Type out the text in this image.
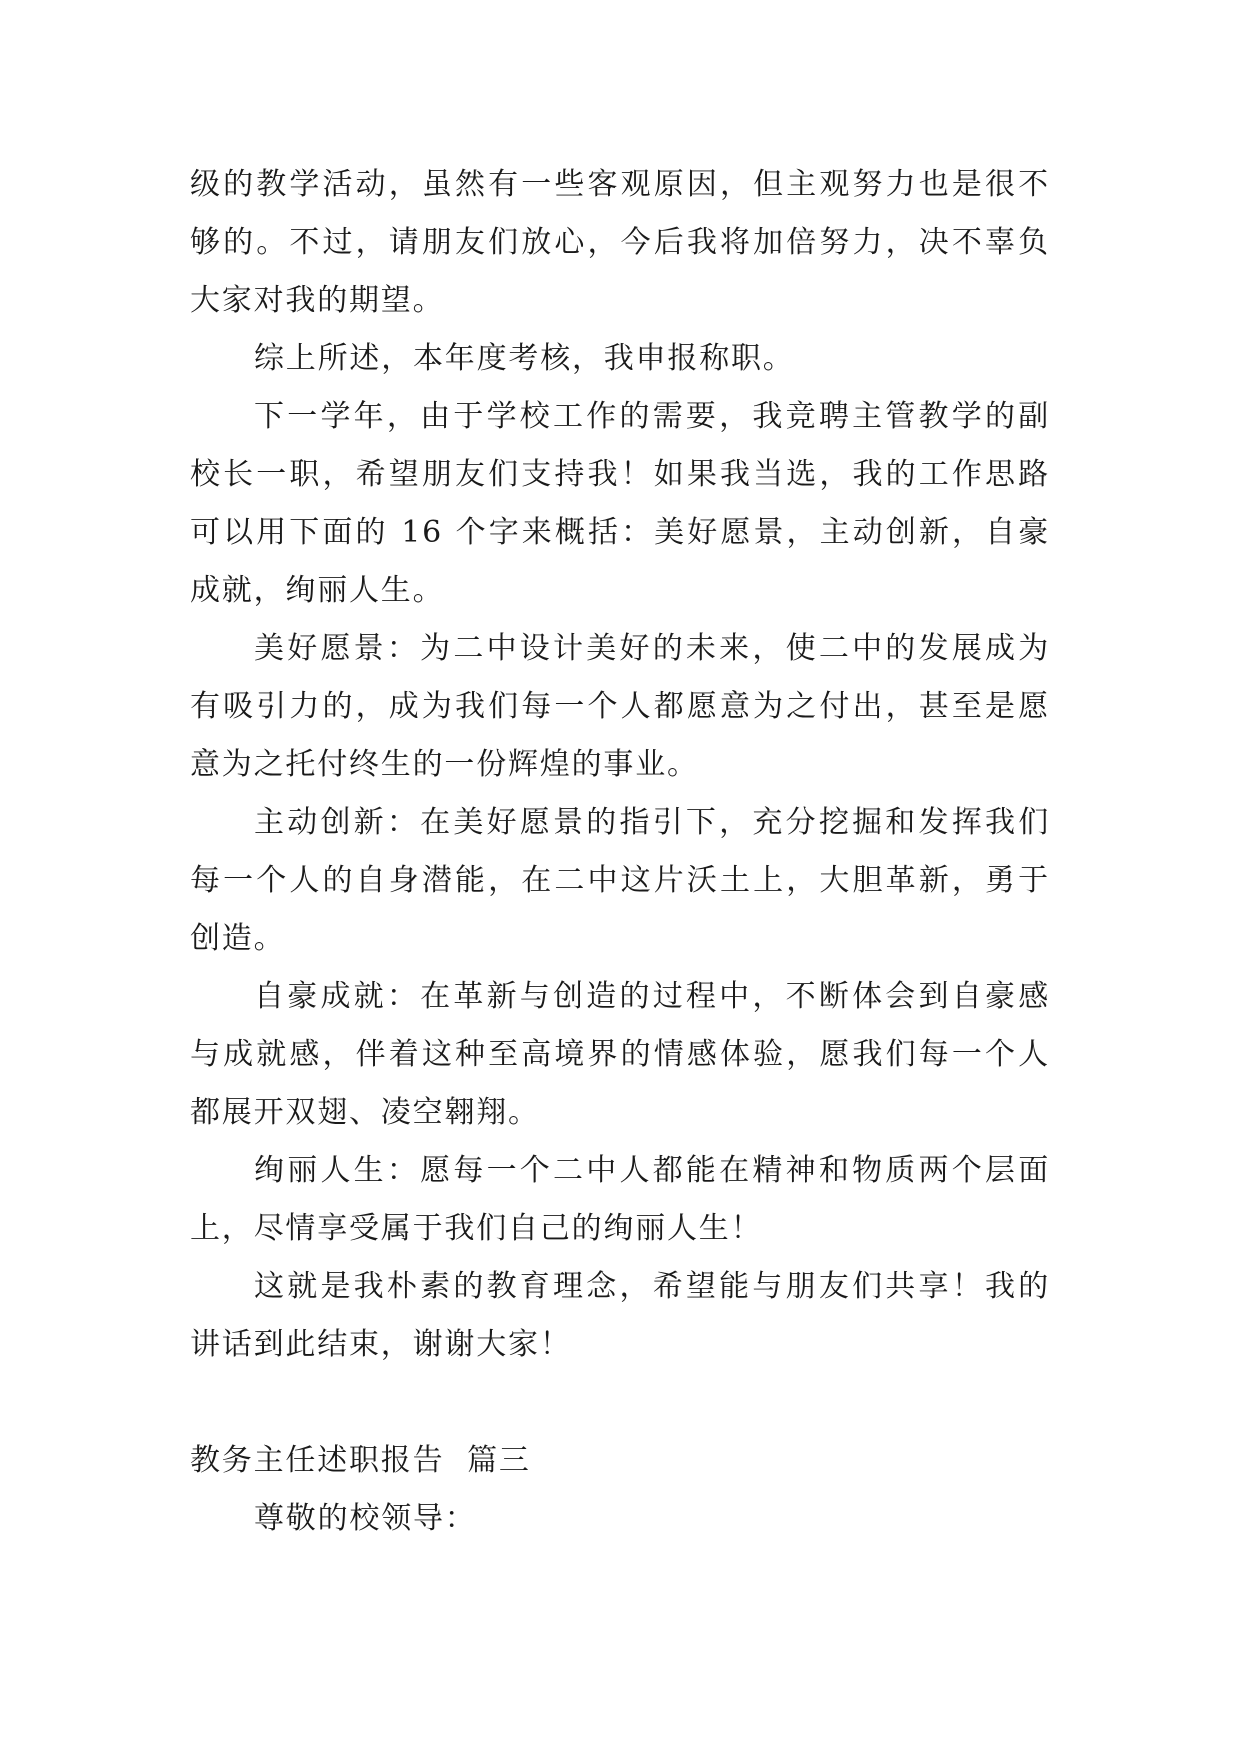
级的教学活动，虽然有一些客观原因，但主观努力也是很不
够的。不过，请朋友们放心，今后我将加倍努力，决不辜负
大家对我的期望。
综上所述，本年度考核，我申报称职。
下一学年，由于学校工作的需要，我竞聘主管教学的副
校长一职，希望朋友们支持我！如果我当选，我的工作思路
可以用下面的 16 个字来概括：美好愿景，主动创新，自豪
成就，绚丽人生。
美好愿景：为二中设计美好的未来，使二中的发展成为
有吸引力的，成为我们每一个人都愿意为之付出，甚至是愿
意为之托付终生的一份辉煌的事业。
主动创新：在美好愿景的指引下，充分挖掘和发挥我们
每一个人的自身潜能，在二中这片沃土上，大胆革新，勇于
创造。
自豪成就：在革新与创造的过程中，不断体会到自豪感
与成就感，伴着这种至高境界的情感体验，愿我们每一个人
都展开双翅、凌空翱翔。
绚丽人生：愿每一个二中人都能在精神和物质两个层面
上，尽情享受属于我们自己的绚丽人生！
这就是我朴素的教育理念，希望能与朋友们共享！我的
讲话到此结束，谢谢大家！
教务主任述职报告  篇三
尊敬的校领导：
